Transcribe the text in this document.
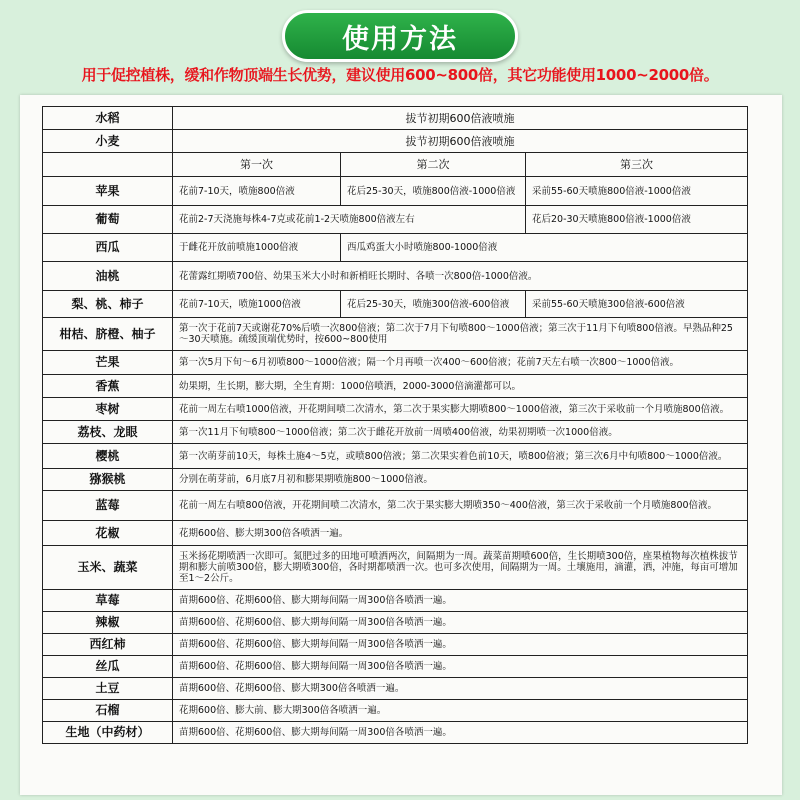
使用方法
用于促控植株，缓和作物顶端生长优势，建议使用600~800倍，其它功能使用1000~2000倍。
水稻	拔节初期600倍液喷施		
小麦	拔节初期600倍液喷施		
	第一次	第二次	第三次
苹果	花前7-10天，喷施800倍液	花后25-30天，喷施800倍液-1000倍液	采前55-60天喷施800倍液-1000倍液
葡萄	花前2-7天浇施每株4-7克或花前1-2天喷施800倍液左右		花后20-30天喷施800倍液-1000倍液
西瓜	于雌花开放前喷施1000倍液	西瓜鸡蛋大小时喷施800-1000倍液	
油桃	花蕾露红期喷700倍、幼果玉米大小时和新梢旺长期时、各喷一次800倍-1000倍液。		
梨、桃、柿子	花前7-10天，喷施1000倍液	花后25-30天，喷施300倍液-600倍液	采前55-60天喷施300倍液-600倍液
柑桔、脐橙、柚子	第一次于花前7天或谢花70%后喷一次800倍液；第二次于7月下旬喷800～1000倍液；第三次于11月下旬喷800倍液。早熟品种25～30天喷施。疏缓顶端优势时，按600~800使用		
芒果	第一次5月下旬～6月初喷800～1000倍液；隔一个月再喷一次400～600倍液；花前7天左右喷一次800～1000倍液。		
香蕉	幼果期，生长期，膨大期，全生育期：1000倍喷洒，2000-3000倍滴灌都可以。		
枣树	花前一周左右喷1000倍液，开花期间喷二次清水，第二次于果实膨大期喷800～1000倍液，第三次于采收前一个月喷施800倍液。		
荔枝、龙眼	第一次11月下旬喷800～1000倍液；第二次于雌花开放前一周喷400倍液，幼果初期喷一次1000倍液。		
樱桃	第一次萌芽前10天，每株土施4～5克，或喷800倍液；第二次果实着色前10天，喷800倍液；第三次6月中旬喷800～1000倍液。		
猕猴桃	分别在萌芽前，6月底7月初和膨果期喷施800～1000倍液。		
蓝莓	花前一周左右喷800倍液，开花期间喷二次清水，第二次于果实膨大期喷350～400倍液，第三次于采收前一个月喷施800倍液。		
花椒	花期600倍、膨大期300倍各喷洒一遍。		
玉米、蔬菜	玉米扬花期喷洒一次即可。氮肥过多的田地可喷洒两次，间隔期为一周。蔬菜苗期喷600倍，生长期喷300倍，座果植物每次植株拔节期和膨大前喷300倍，膨大期喷300倍，各时期都喷洒一次。也可多次使用，间隔期为一周。土壤施用，滴灌，洒，冲施，每亩可增加至1～2公斤。		
草莓	苗期600倍、花期600倍、膨大期每间隔一周300倍各喷洒一遍。		
辣椒	苗期600倍、花期600倍、膨大期每间隔一周300倍各喷洒一遍。		
西红柿	苗期600倍、花期600倍、膨大期每间隔一周300倍各喷洒一遍。		
丝瓜	苗期600倍、花期600倍、膨大期每间隔一周300倍各喷洒一遍。		
土豆	苗期600倍、花期600倍、膨大期300倍各喷洒一遍。		
石榴	花期600倍、膨大前、膨大期300倍各喷洒一遍。		
生地（中药材）	苗期600倍、花期600倍、膨大期每间隔一周300倍各喷洒一遍。		
